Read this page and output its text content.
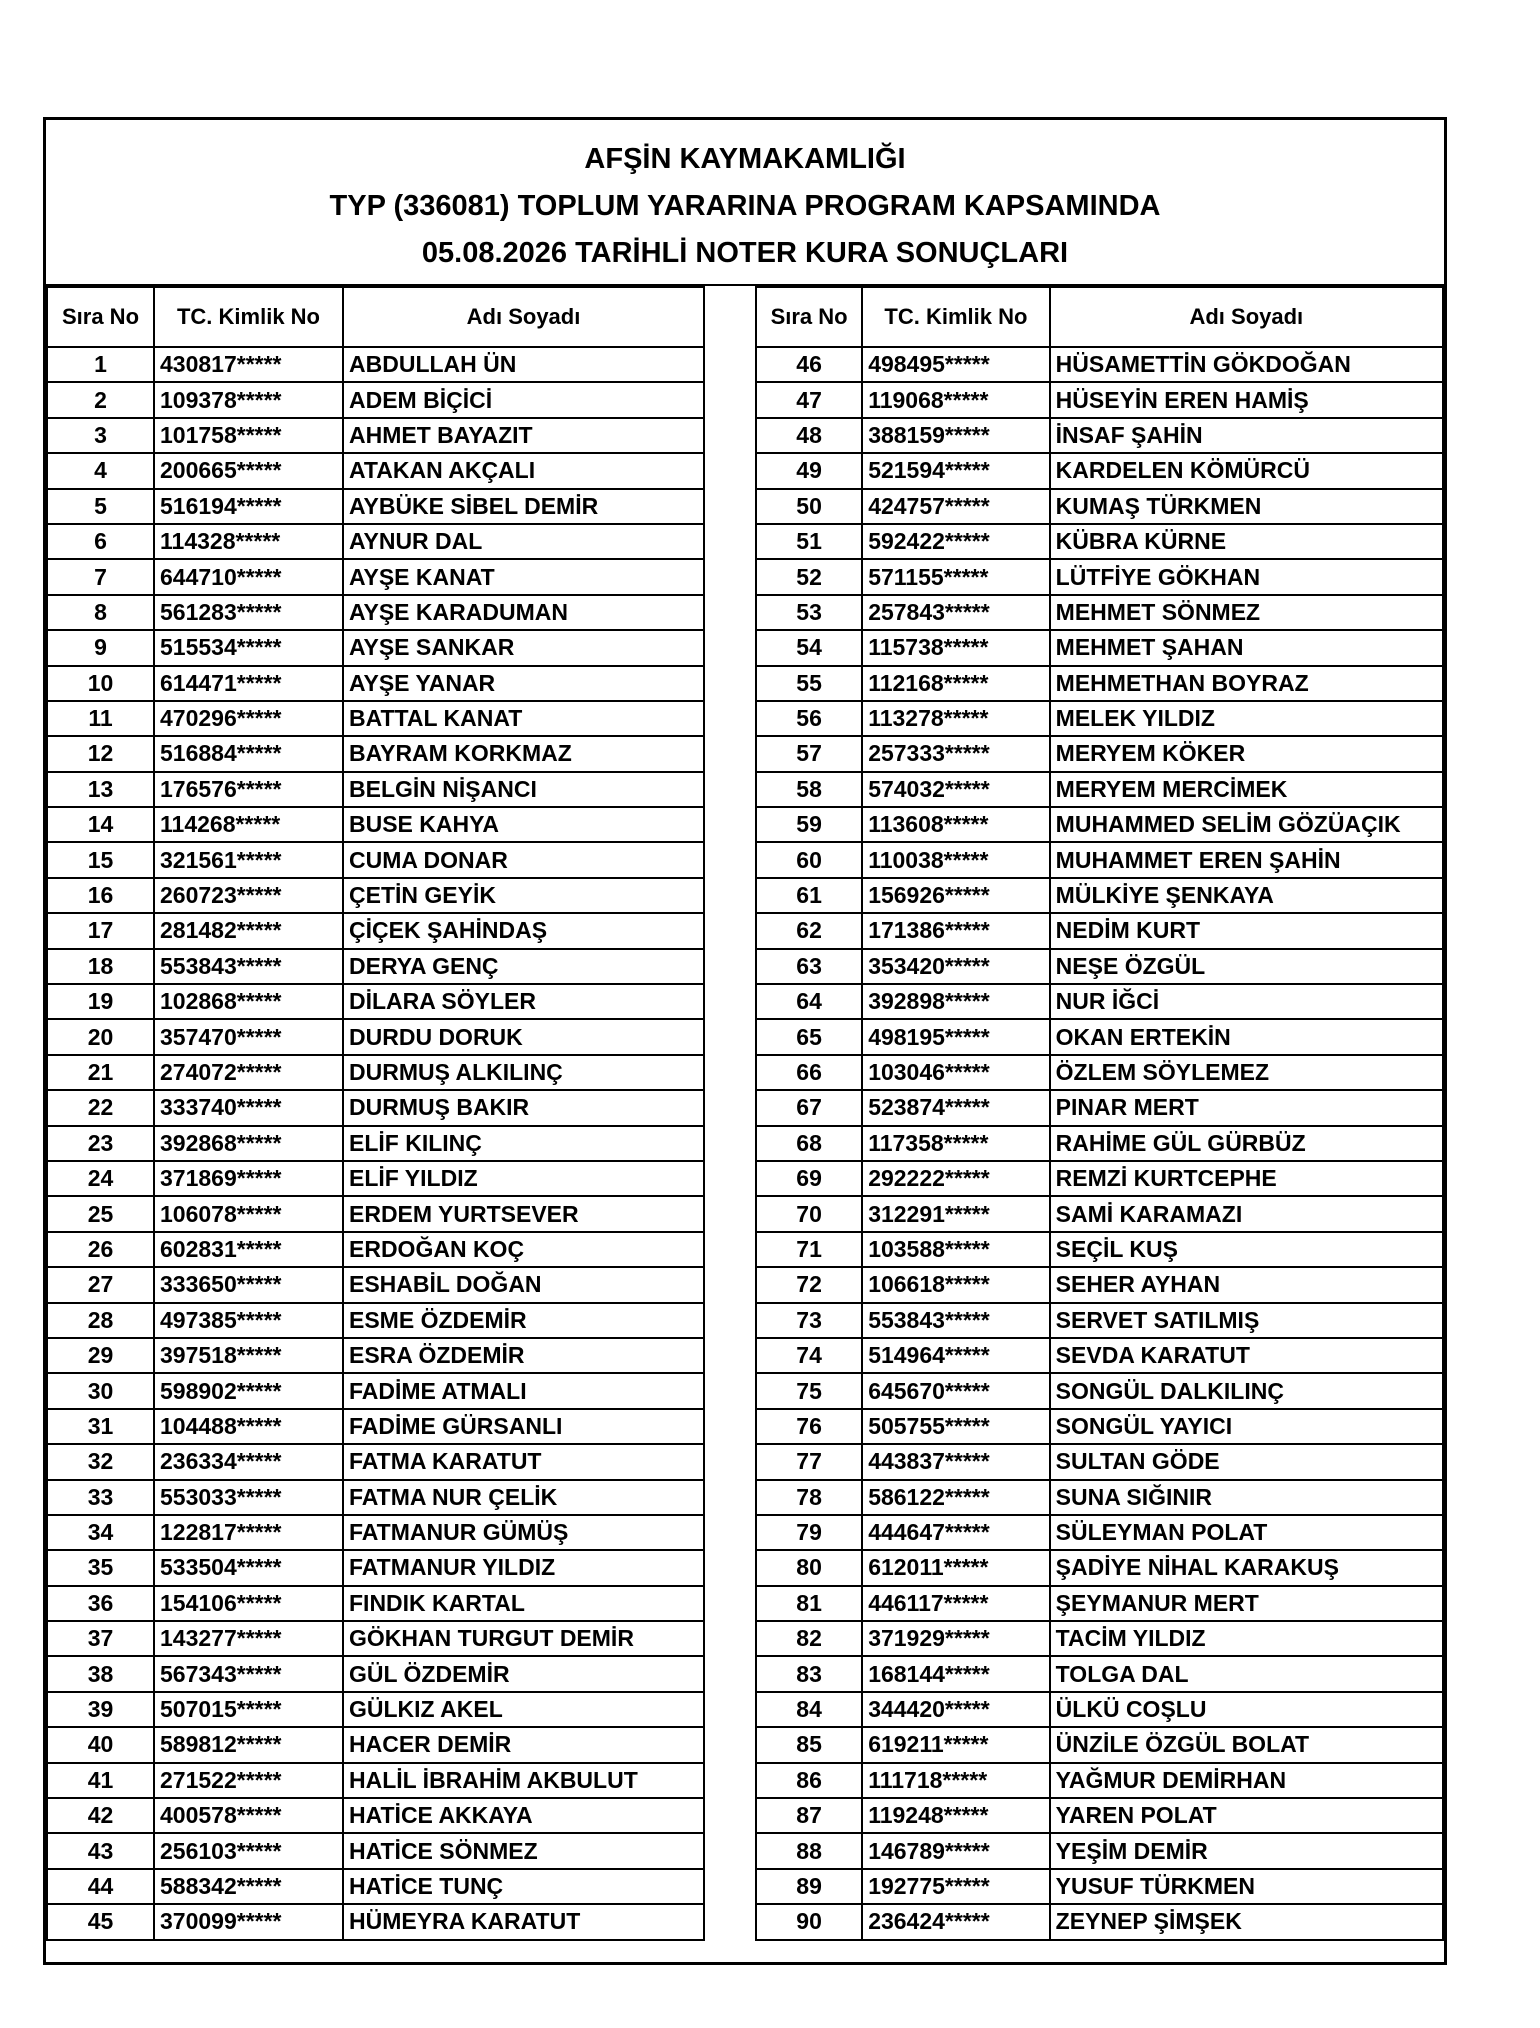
AFŞİN KAYMAKAMLIĞI
TYP (336081) TOPLUM YARARINA PROGRAM KAPSAMINDA
05.08.2026 TARİHLİ NOTER KURA SONUÇLARI
Sıra No	TC. Kimlik No	Adı Soyadı
1	430817*****	ABDULLAH ÜN
2	109378*****	ADEM BİÇİCİ
3	101758*****	AHMET BAYAZIT
4	200665*****	ATAKAN AKÇALI
5	516194*****	AYBÜKE SİBEL DEMİR
6	114328*****	AYNUR DAL
7	644710*****	AYŞE KANAT
8	561283*****	AYŞE KARADUMAN
9	515534*****	AYŞE SANKAR
10	614471*****	AYŞE YANAR
11	470296*****	BATTAL KANAT
12	516884*****	BAYRAM KORKMAZ
13	176576*****	BELGİN NİŞANCI
14	114268*****	BUSE KAHYA
15	321561*****	CUMA DONAR
16	260723*****	ÇETİN GEYİK
17	281482*****	ÇİÇEK ŞAHİNDAŞ
18	553843*****	DERYA GENÇ
19	102868*****	DİLARA SÖYLER
20	357470*****	DURDU DORUK
21	274072*****	DURMUŞ ALKILINÇ
22	333740*****	DURMUŞ BAKIR
23	392868*****	ELİF KILINÇ
24	371869*****	ELİF YILDIZ
25	106078*****	ERDEM YURTSEVER
26	602831*****	ERDOĞAN KOÇ
27	333650*****	ESHABİL DOĞAN
28	497385*****	ESME ÖZDEMİR
29	397518*****	ESRA ÖZDEMİR
30	598902*****	FADİME ATMALI
31	104488*****	FADİME GÜRSANLI
32	236334*****	FATMA KARATUT
33	553033*****	FATMA NUR ÇELİK
34	122817*****	FATMANUR GÜMÜŞ
35	533504*****	FATMANUR YILDIZ
36	154106*****	FINDIK KARTAL
37	143277*****	GÖKHAN TURGUT DEMİR
38	567343*****	GÜL ÖZDEMİR
39	507015*****	GÜLKIZ AKEL
40	589812*****	HACER DEMİR
41	271522*****	HALİL İBRAHİM AKBULUT
42	400578*****	HATİCE AKKAYA
43	256103*****	HATİCE SÖNMEZ
44	588342*****	HATİCE TUNÇ
45	370099*****	HÜMEYRA KARATUT
Sıra No	TC. Kimlik No	Adı Soyadı
46	498495*****	HÜSAMETTİN GÖKDOĞAN
47	119068*****	HÜSEYİN EREN HAMİŞ
48	388159*****	İNSAF ŞAHİN
49	521594*****	KARDELEN KÖMÜRCÜ
50	424757*****	KUMAŞ TÜRKMEN
51	592422*****	KÜBRA KÜRNE
52	571155*****	LÜTFİYE GÖKHAN
53	257843*****	MEHMET SÖNMEZ
54	115738*****	MEHMET ŞAHAN
55	112168*****	MEHMETHAN BOYRAZ
56	113278*****	MELEK YILDIZ
57	257333*****	MERYEM KÖKER
58	574032*****	MERYEM MERCİMEK
59	113608*****	MUHAMMED SELİM GÖZÜAÇIK
60	110038*****	MUHAMMET EREN ŞAHİN
61	156926*****	MÜLKİYE ŞENKAYA
62	171386*****	NEDİM KURT
63	353420*****	NEŞE ÖZGÜL
64	392898*****	NUR İĞCİ
65	498195*****	OKAN ERTEKİN
66	103046*****	ÖZLEM SÖYLEMEZ
67	523874*****	PINAR MERT
68	117358*****	RAHİME GÜL GÜRBÜZ
69	292222*****	REMZİ KURTCEPHE
70	312291*****	SAMİ KARAMAZI
71	103588*****	SEÇİL KUŞ
72	106618*****	SEHER AYHAN
73	553843*****	SERVET SATILMIŞ
74	514964*****	SEVDA KARATUT
75	645670*****	SONGÜL DALKILINÇ
76	505755*****	SONGÜL YAYICI
77	443837*****	SULTAN GÖDE
78	586122*****	SUNA SIĞINIR
79	444647*****	SÜLEYMAN POLAT
80	612011*****	ŞADİYE NİHAL KARAKUŞ
81	446117*****	ŞEYMANUR MERT
82	371929*****	TACİM YILDIZ
83	168144*****	TOLGA DAL
84	344420*****	ÜLKÜ COŞLU
85	619211*****	ÜNZİLE ÖZGÜL BOLAT
86	111718*****	YAĞMUR DEMİRHAN
87	119248*****	YAREN POLAT
88	146789*****	YEŞİM DEMİR
89	192775*****	YUSUF TÜRKMEN
90	236424*****	ZEYNEP ŞİMŞEK
